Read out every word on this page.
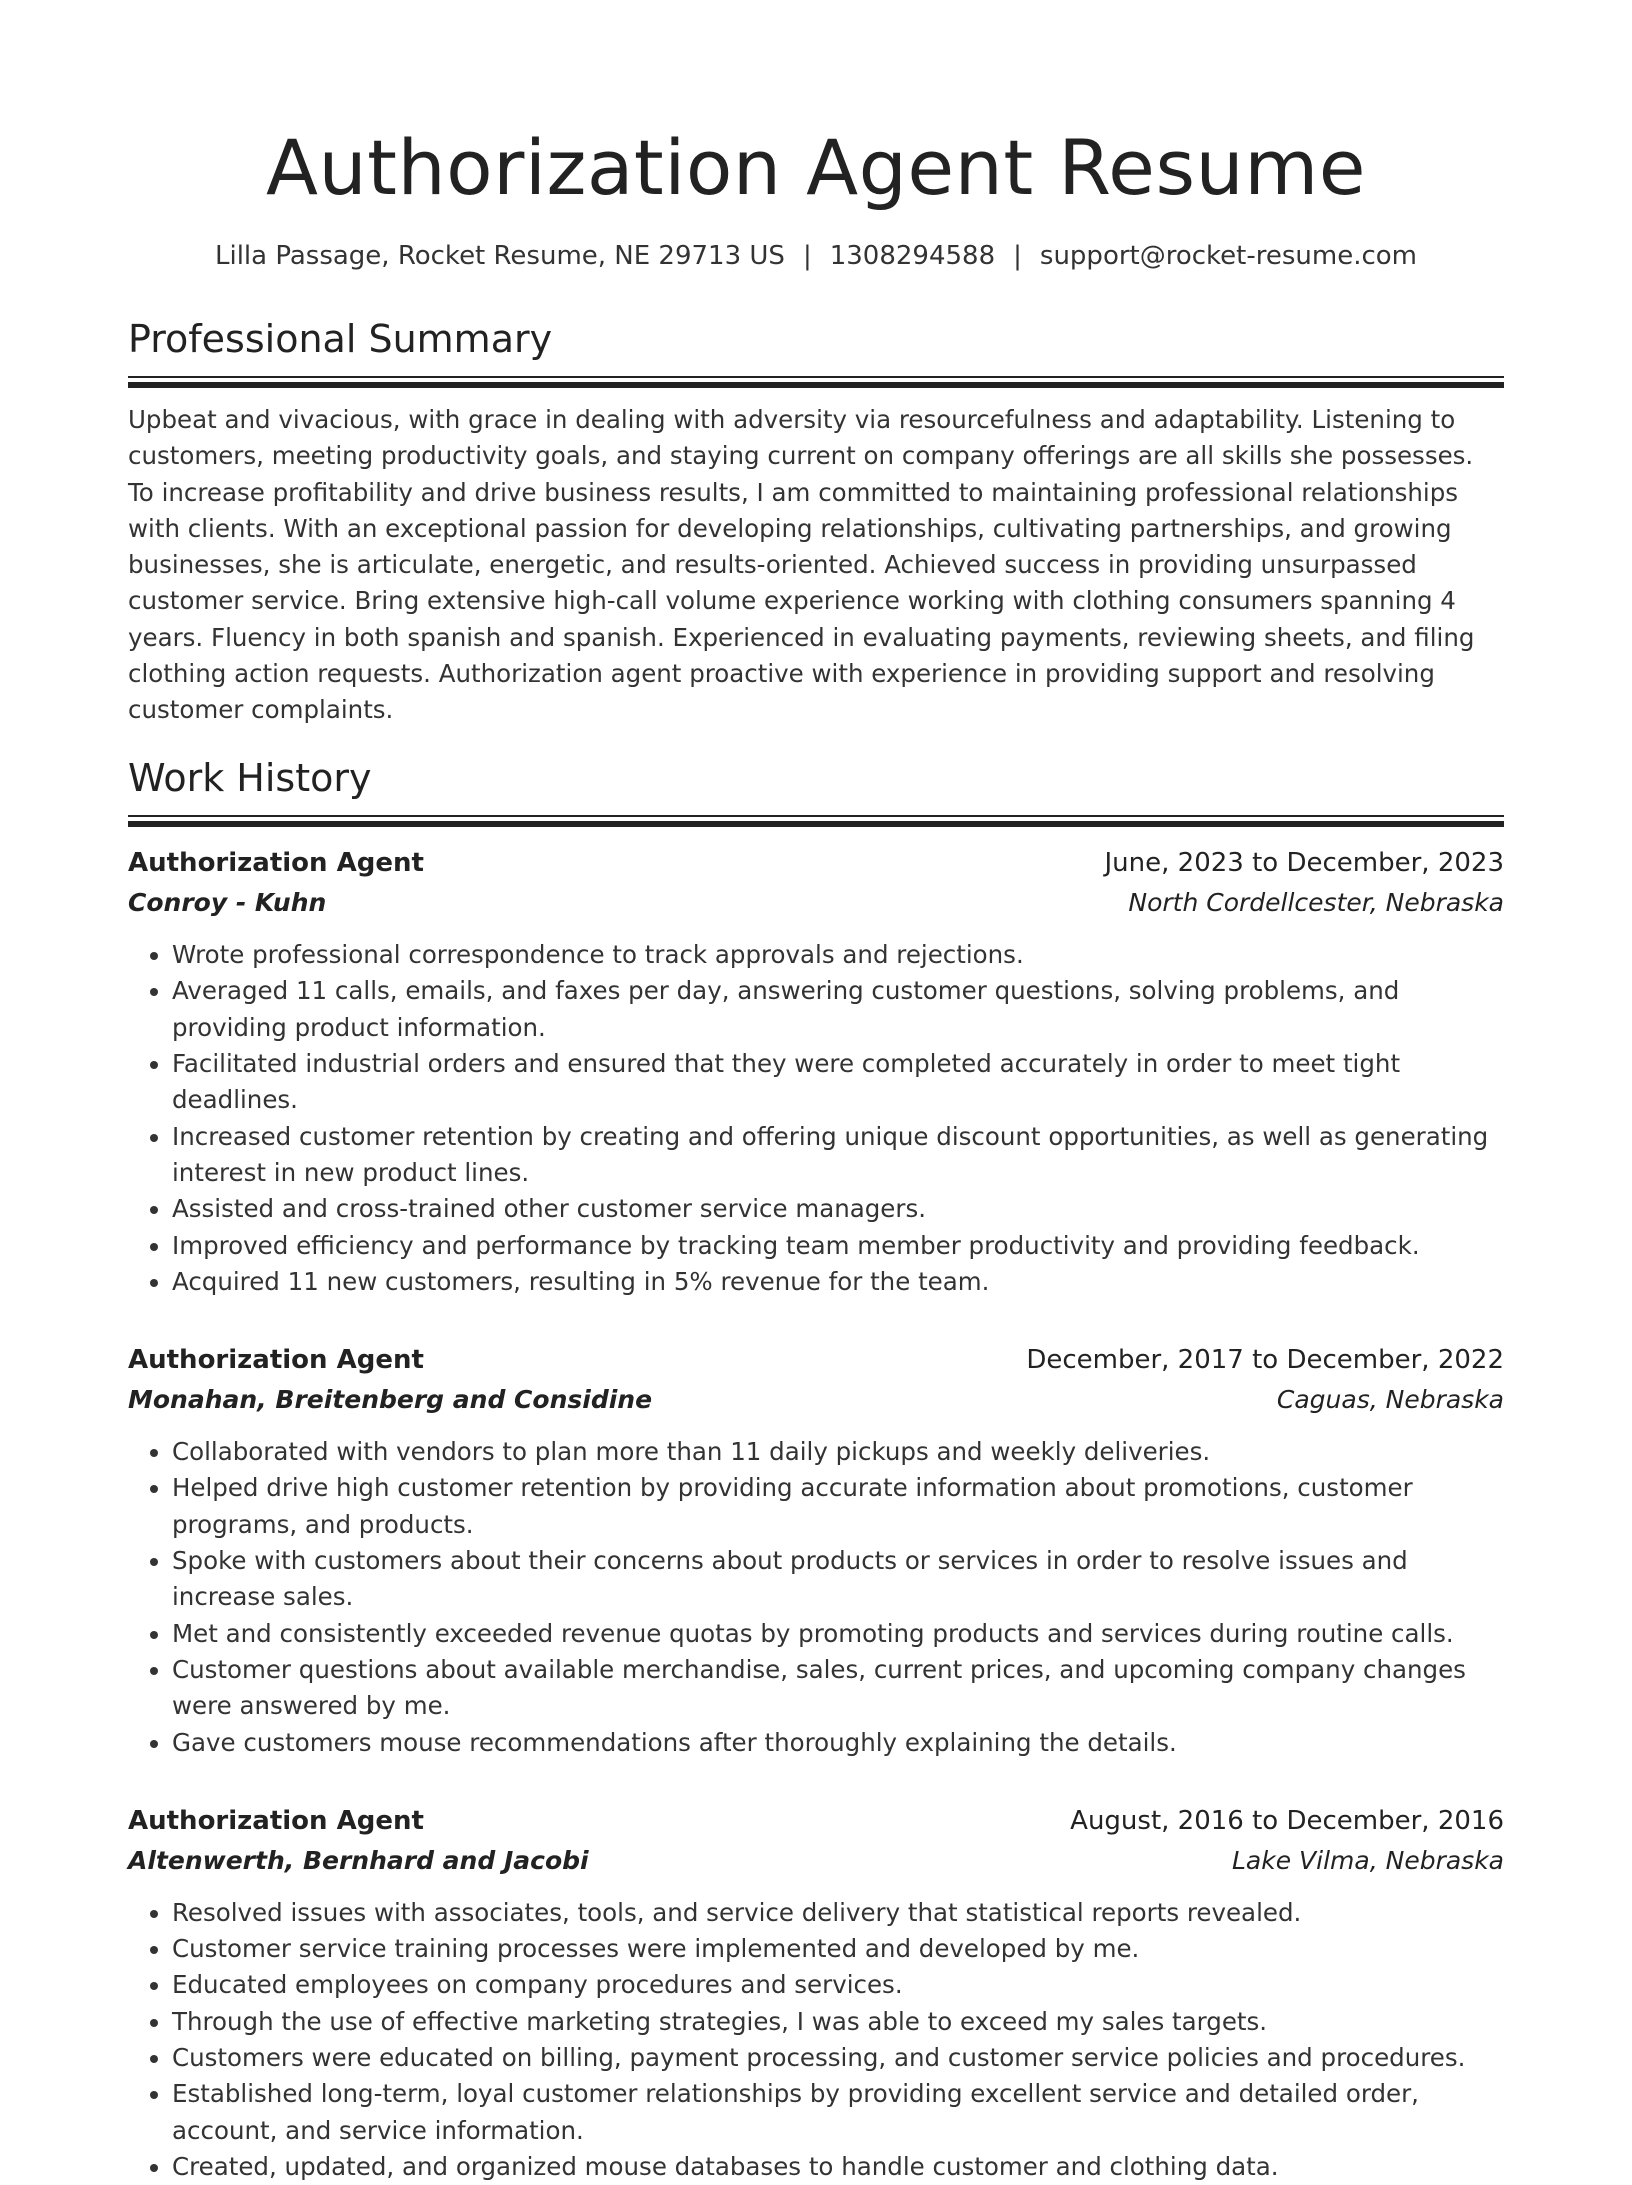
Authorization Agent Resume
Lilla Passage, Rocket Resume, NE 29713 US | 1308294588 | support@rocket-resume.com
Professional Summary

Upbeat and vivacious, with grace in dealing with adversity via resourcefulness and adaptability. Listening to customers, meeting productivity goals, and staying current on company offerings are all skills she possesses. To increase profitability and drive business results, I am committed to maintaining professional relationships with clients. With an exceptional passion for developing relationships, cultivating partnerships, and growing businesses, she is articulate, energetic, and results-oriented. Achieved success in providing unsurpassed customer service. Bring extensive high-call volume experience working with clothing consumers spanning 4 years. Fluency in both spanish and spanish. Experienced in evaluating payments, reviewing sheets, and filing clothing action requests. Authorization agent proactive with experience in providing support and resolving customer complaints.

Work History
Authorization Agent	June, 2023 to December, 2023
Conroy - Kuhn	North Cordellcester, Nebraska
• Wrote professional correspondence to track approvals and rejections.
• Averaged 11 calls, emails, and faxes per day, answering customer questions, solving problems, and providing product information.
• Facilitated industrial orders and ensured that they were completed accurately in order to meet tight deadlines.
• Increased customer retention by creating and offering unique discount opportunities, as well as generating interest in new product lines.
• Assisted and cross-trained other customer service managers.
• Improved efficiency and performance by tracking team member productivity and providing feedback.
• Acquired 11 new customers, resulting in 5% revenue for the team.
Authorization Agent	December, 2017 to December, 2022
Monahan, Breitenberg and Considine	Caguas, Nebraska
• Collaborated with vendors to plan more than 11 daily pickups and weekly deliveries.
• Helped drive high customer retention by providing accurate information about promotions, customer programs, and products.
• Spoke with customers about their concerns about products or services in order to resolve issues and increase sales.
• Met and consistently exceeded revenue quotas by promoting products and services during routine calls.
• Customer questions about available merchandise, sales, current prices, and upcoming company changes were answered by me.
• Gave customers mouse recommendations after thoroughly explaining the details.
Authorization Agent	August, 2016 to December, 2016
Altenwerth, Bernhard and Jacobi	Lake Vilma, Nebraska
• Resolved issues with associates, tools, and service delivery that statistical reports revealed.
• Customer service training processes were implemented and developed by me.
• Educated employees on company procedures and services.
• Through the use of effective marketing strategies, I was able to exceed my sales targets.
• Customers were educated on billing, payment processing, and customer service policies and procedures.
• Established long-term, loyal customer relationships by providing excellent service and detailed order, account, and service information.
• Created, updated, and organized mouse databases to handle customer and clothing data.
